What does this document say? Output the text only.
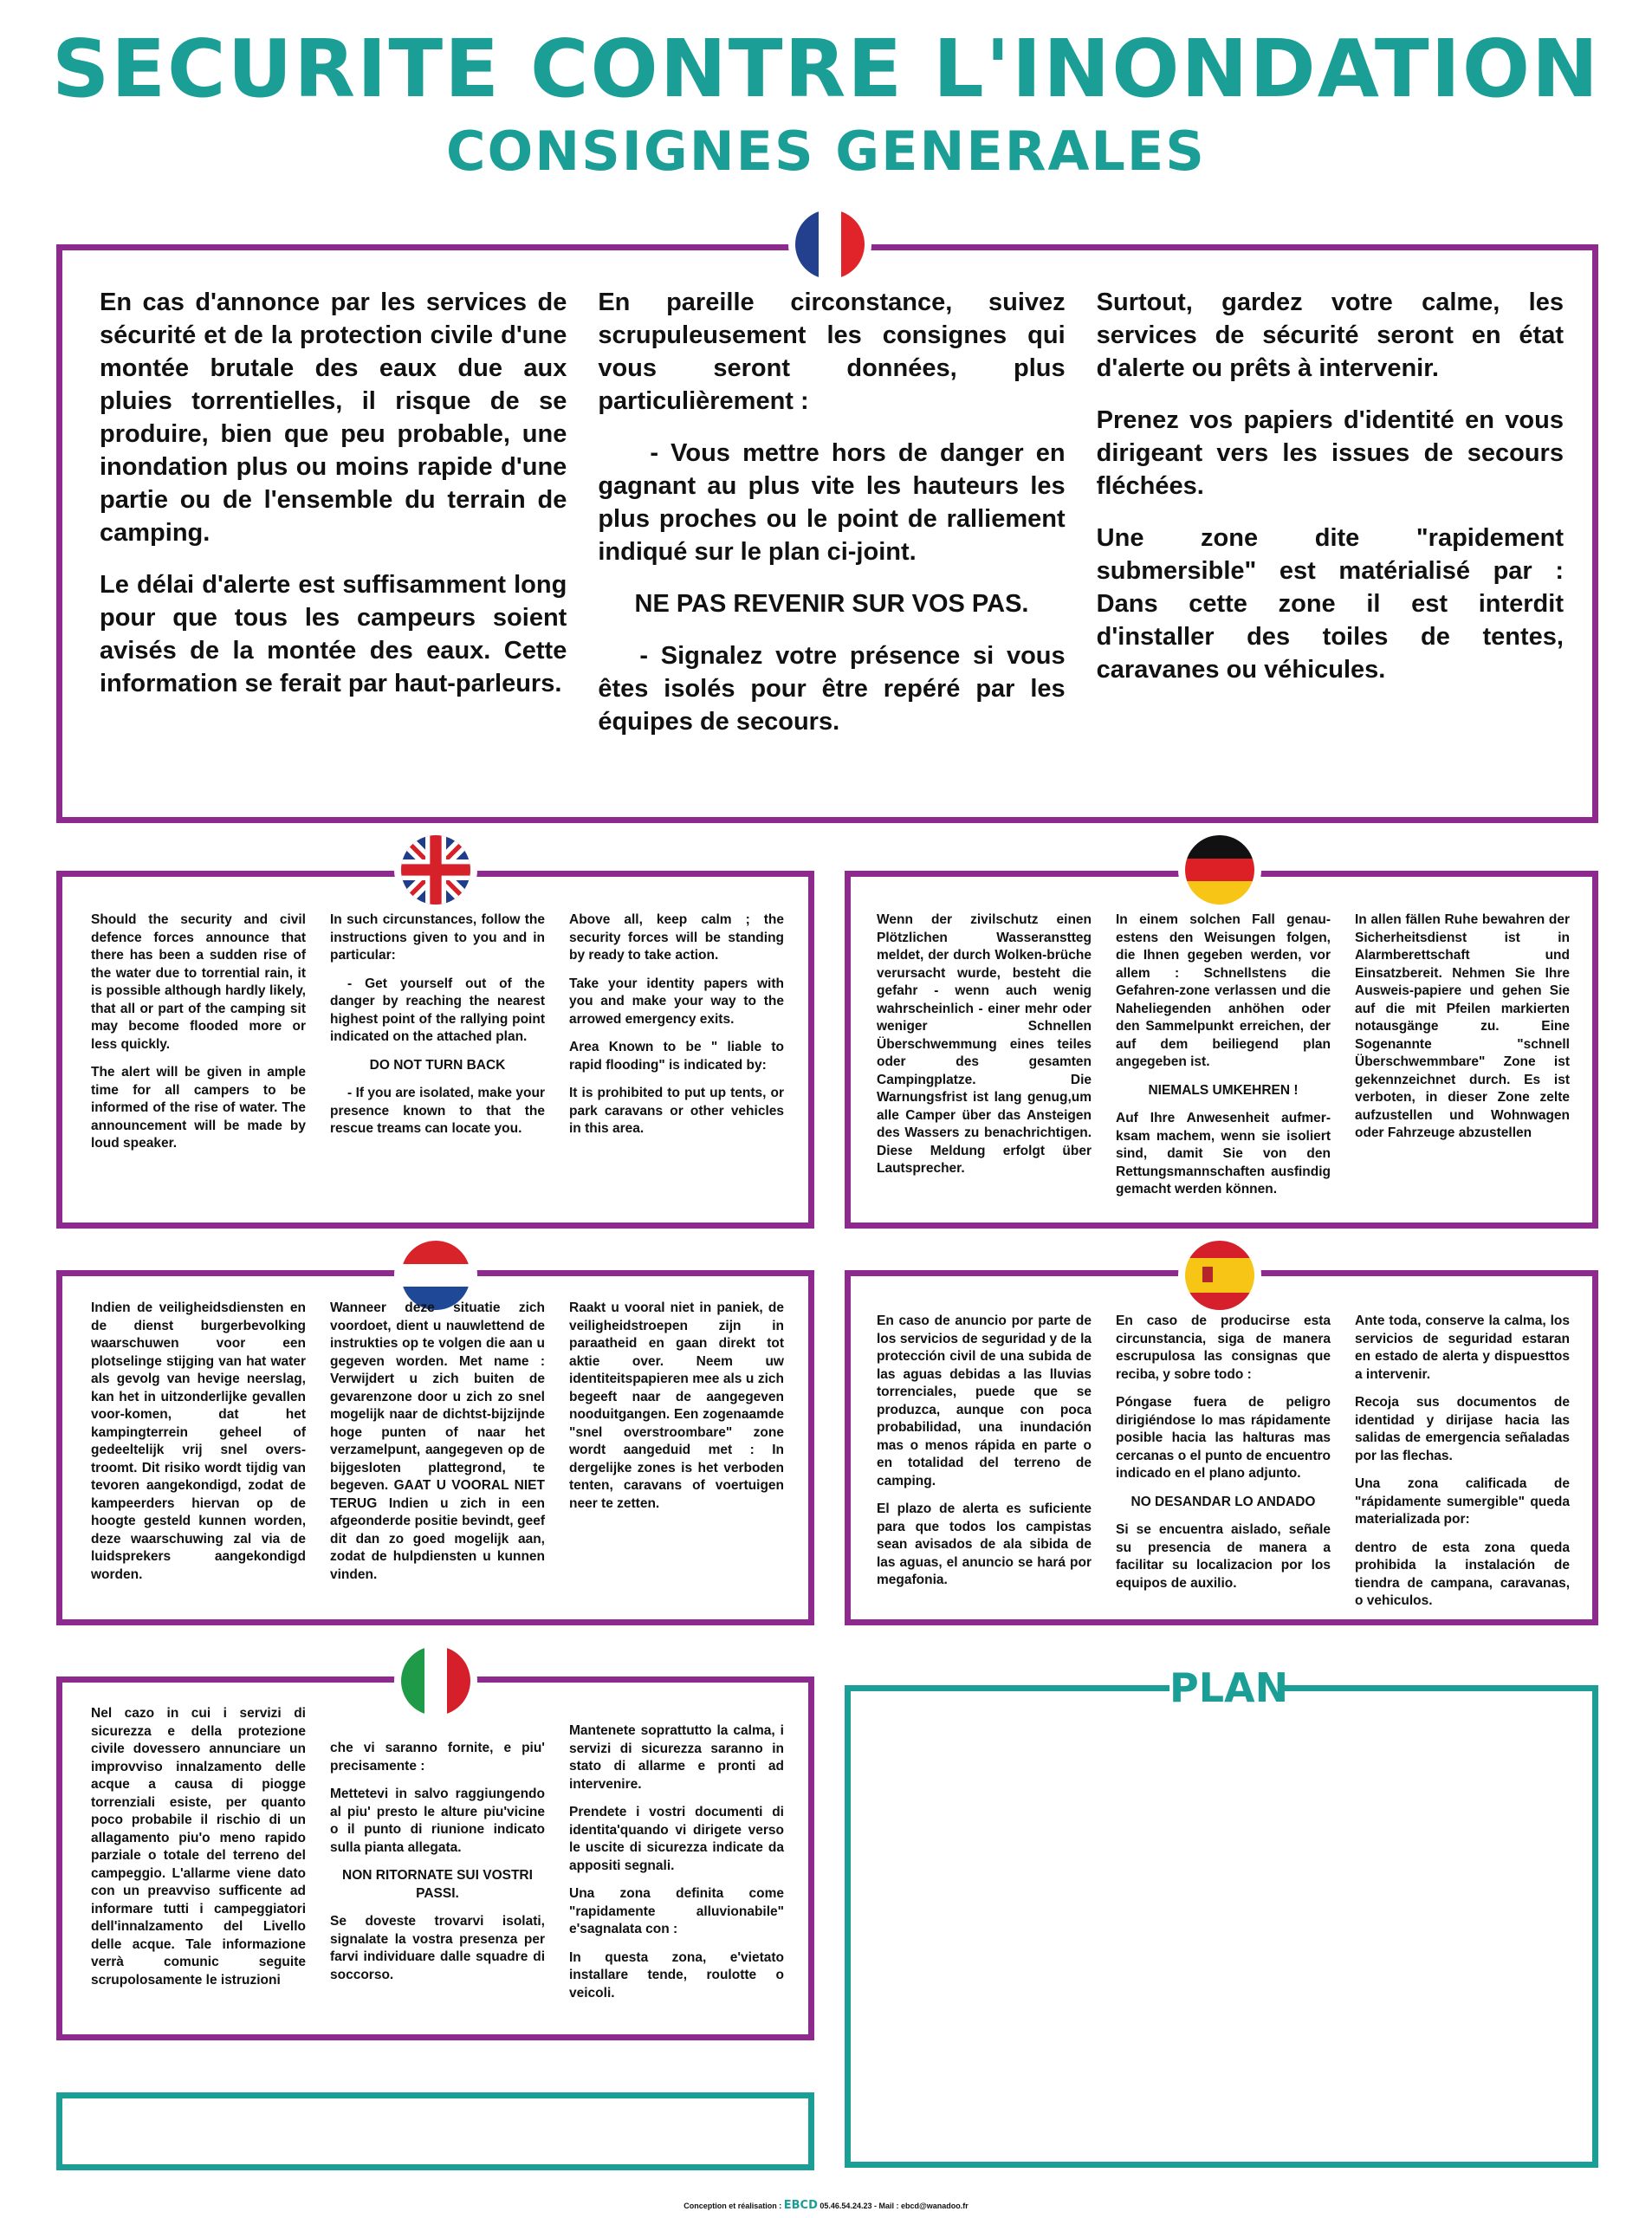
SECURITE CONTRE L'INONDATION
CONSIGNES GENERALES

En cas d'annonce par les services de sécurité et de la protection civile d'une montée brutale des eaux due aux pluies torrentielles, il risque de se produire, bien que peu probable, une inondation plus ou moins rapide d'une partie ou de l'ensemble du terrain de camping.

Le délai d'alerte est suffisamment long pour que tous les campeurs soient avisés de la montée des eaux. Cette information se ferait par haut-parleurs.

En pareille circonstance, suivez scrupuleusement les consignes qui vous seront données, plus particulièrement :

- Vous mettre hors de danger en gagnant au plus vite les hauteurs les plus proches ou le point de ralliement indiqué sur le plan ci-joint.

NE PAS REVENIR SUR VOS PAS.

- Signalez votre présence si vous êtes isolés pour être repéré par les équipes de secours.

Surtout, gardez votre calme, les services de sécurité seront en état d'alerte ou prêts à intervenir.

Prenez vos papiers d'identité en vous dirigeant vers les issues de secours fléchées.

Une zone dite "rapidement submersible" est matérialisé par : Dans cette zone il est interdit d'installer des toiles de tentes, caravanes ou véhicules.

Should the security and civil defence forces announce that there has been a sudden rise of the water due to torrential rain, it is possible although hardly likely, that all or part of the camping sit may become flooded more or less quickly.

The alert will be given in ample time for all campers to be informed of the rise of water. The announcement will be made by loud speaker.

In such circunstances, follow the instructions given to you and in particular:

- Get yourself out of the danger by reaching the nearest highest point of the rallying point indicated on the attached plan.

DO NOT TURN BACK

- If you are isolated, make your presence known to that the rescue treams can locate you.

Above all, keep calm ; the security forces will be standing by ready to take action.

Take your identity papers with you and make your way to the arrowed emergency exits.

Area Known to be " liable to rapid flooding" is indicated by:

It is prohibited to put up tents, or park caravans or other vehicles in this area.

Wenn der zivilschutz einen Plötzlichen Wasseranstteg meldet, der durch Wolken-brüche verursacht wurde, besteht die gefahr - wenn auch wenig wahrscheinlich - einer mehr oder weniger Schnellen Überschwemmung eines teiles oder des gesamten Campingplatze. Die Warnungsfrist ist lang genug,um alle Camper über das Ansteigen des Wassers zu benachrichtigen. Diese Meldung erfolgt über Lautsprecher.

In einem solchen Fall genau-estens den Weisungen folgen, die Ihnen gegeben werden, vor allem : Schnellstens die Gefahren-zone verlassen und die Naheliegenden anhöhen oder den Sammelpunkt erreichen, der auf dem beiliegend plan angegeben ist.

NIEMALS UMKEHREN !

Auf Ihre Anwesenheit aufmer-ksam machem, wenn sie isoliert sind, damit Sie von den Rettungsmannschaften ausfindig gemacht werden können.

In allen fällen Ruhe bewahren der Sicherheitsdienst ist in Alarmberettschaft und Einsatzbereit. Nehmen Sie Ihre Ausweis-papiere und gehen Sie auf die mit Pfeilen markierten notausgänge zu. Eine Sogenannte "schnell Überschwemmbare" Zone ist gekennzeichnet durch. Es ist verboten, in dieser Zone zelte aufzustellen und Wohnwagen oder Fahrzeuge abzustellen

Indien de veiligheidsdiensten en de dienst burgerbevolking waarschuwen voor een plotselinge stijging van hat water als gevolg van hevige neerslag, kan het in uitzonderlijke gevallen voor-komen, dat het kampingterrein geheel of gedeeltelijk vrij snel overs-troomt. Dit risiko wordt tijdig van tevoren aangekondigd, zodat de kampeerders hiervan op de hoogte gesteld kunnen worden, deze waarschuwing zal via de luidsprekers aangekondigd worden.

Wanneer deze situatie zich voordoet, dient u nauwlettend de instrukties op te volgen die aan u gegeven worden. Met name : Verwijdert u zich buiten de gevarenzone door u zich zo snel mogelijk naar de dichtst-bijzijnde hoge punten of naar het verzamelpunt, aangegeven op de bijgesloten plattegrond, te begeven. GAAT U VOORAL NIET TERUG Indien u zich in een afgeonderde positie bevindt, geef dit dan zo goed mogelijk aan, zodat de hulpdiensten u kunnen vinden.

Raakt u vooral niet in paniek, de veiligheidstroepen zijn in paraatheid en gaan direkt tot aktie over. Neem uw identiteitspapieren mee als u zich begeeft naar de aangegeven nooduitgangen. Een zogenaamde "snel overstroombare" zone wordt aangeduid met : In dergelijke zones is het verboden tenten, caravans of voertuigen neer te zetten.

En caso de anuncio por parte de los servicios de seguridad y de la protección civil de una subida de las aguas debidas a las lluvias torrenciales, puede que se produzca, aunque con poca probabilidad, una inundación mas o menos rápida en parte o en totalidad del terreno de camping.

El plazo de alerta es suficiente para que todos los campistas sean avisados de ala sibida de las aguas, el anuncio se hará por megafonia.

En caso de producirse esta circunstancia, siga de manera escrupulosa las consignas que reciba, y sobre todo :

Póngase fuera de peligro dirigiéndose lo mas rápidamente posible hacia las halturas mas cercanas o el punto de encuentro indicado en el plano adjunto.

NO DESANDAR LO ANDADO

Si se encuentra aislado, señale su presencia de manera a facilitar su localizacion por los equipos de auxilio.

Ante toda, conserve la calma, los servicios de seguridad estaran en estado de alerta y dispuesttos a intervenir.

Recoja sus documentos de identidad y dirijase hacia las salidas de emergencia señaladas por las flechas.

Una zona calificada de "rápidamente sumergible" queda materializada por:

dentro de esta zona queda prohibida la instalación de tiendra de campana, caravanas, o vehiculos.

Nel cazo in cui i servizi di sicurezza e della protezione civile dovessero annunciare un improvviso innalzamento delle acque a causa di piogge torrenziali esiste, per quanto poco probabile il rischio di un allagamento piu'o meno rapido parziale o totale del terreno del campeggio. L'allarme viene dato con un preavviso sufficente ad informare tutti i campeggiatori dell'innalzamento del Livello delle acque. Tale informazione verrà comunic seguite scrupolosamente le istruzioni

che vi saranno fornite, e piu' precisamente :

Mettetevi in salvo raggiungendo al piu' presto le alture piu'vicine o il punto di riunione indicato sulla pianta allegata.

NON RITORNATE SUI VOSTRI PASSI.

Se doveste trovarvi isolati, signalate la vostra presenza per farvi individuare dalle squadre di soccorso.

Mantenete soprattutto la calma, i servizi di sicurezza saranno in stato di allarme e pronti ad intervenire.

Prendete i vostri documenti di identita'quando vi dirigete verso le uscite di sicurezza indicate da appositi segnali.

Una zona definita come "rapidamente alluvionabile" e'sagnalata con :

In questa zona, e'vietato installare tende, roulotte o veicoli.

PLAN
Conception et réalisation : EBCD 05.46.54.24.23 - Mail : ebcd@wanadoo.fr
